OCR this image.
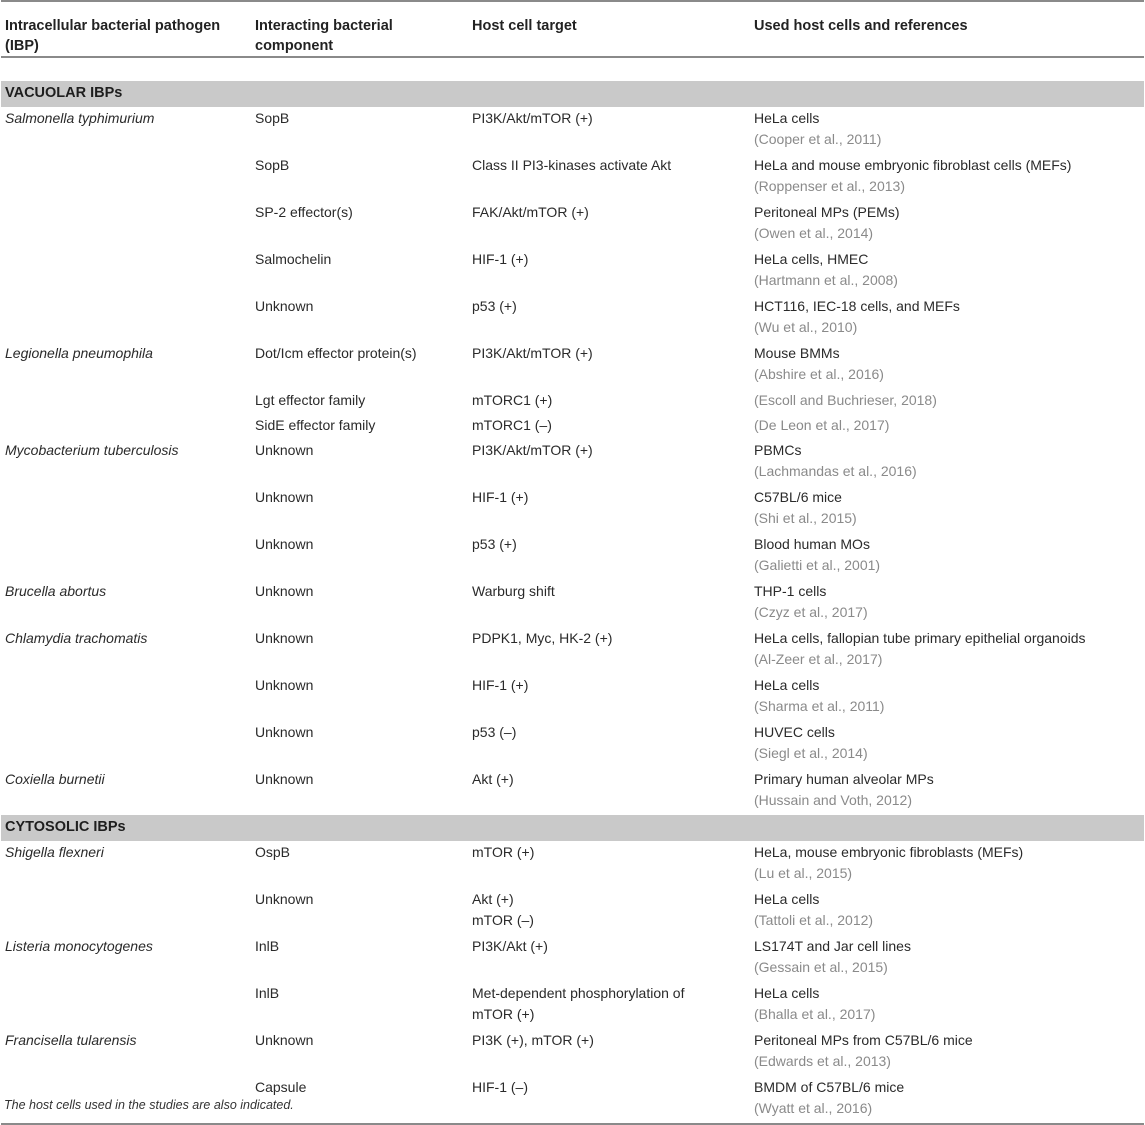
Intracellular bacterial pathogen (IBP)	Interacting bacterial component	Host cell target	Used host cells and references

VACUOLAR IBPs			

Salmonella typhimurium	SopB	PI3K/Akt/mTOR (+)	HeLa cells
(Cooper et al., 2011)

	SopB	Class II PI3-kinases activate Akt	HeLa and mouse embryonic fibroblast cells (MEFs)
(Roppenser et al., 2013)

	SP-2 effector(s)	FAK/Akt/mTOR (+)	Peritoneal MPs (PEMs)
(Owen et al., 2014)

	Salmochelin	HIF-1 (+)	HeLa cells, HMEC
(Hartmann et al., 2008)

	Unknown	p53 (+)	HCT116, IEC-18 cells, and MEFs
(Wu et al., 2010)

Legionella pneumophila	Dot/Icm effector protein(s)	PI3K/Akt/mTOR (+)	Mouse BMMs
(Abshire et al., 2016)

	Lgt effector family	mTORC1 (+)	(Escoll and Buchrieser, 2018)

	SidE effector family	mTORC1 (–)	(De Leon et al., 2017)

Mycobacterium tuberculosis	Unknown	PI3K/Akt/mTOR (+)	PBMCs
(Lachmandas et al., 2016)

	Unknown	HIF-1 (+)	C57BL/6 mice
(Shi et al., 2015)

	Unknown	p53 (+)	Blood human MOs
(Galietti et al., 2001)

Brucella abortus	Unknown	Warburg shift	THP-1 cells
(Czyz et al., 2017)

Chlamydia trachomatis	Unknown	PDPK1, Myc, HK-2 (+)	HeLa cells, fallopian tube primary epithelial organoids
(Al-Zeer et al., 2017)

	Unknown	HIF-1 (+)	HeLa cells
(Sharma et al., 2011)

	Unknown	p53 (–)	HUVEC cells
(Siegl et al., 2014)

Coxiella burnetii	Unknown	Akt (+)	Primary human alveolar MPs
(Hussain and Voth, 2012)

CYTOSOLIC IBPs			

Shigella flexneri	OspB	mTOR (+)	HeLa, mouse embryonic fibroblasts (MEFs)
(Lu et al., 2015)

	Unknown	Akt (+)
mTOR (–)	HeLa cells
(Tattoli et al., 2012)

Listeria monocytogenes	InlB	PI3K/Akt (+)	LS174T and Jar cell lines
(Gessain et al., 2015)

	InlB	Met-dependent phosphorylation of
mTOR (+)	HeLa cells
(Bhalla et al., 2017)

Francisella tularensis	Unknown	PI3K (+), mTOR (+)	Peritoneal MPs from C57BL/6 mice
(Edwards et al., 2013)

	Capsule	HIF-1 (–)	BMDM of C57BL/6 mice
(Wyatt et al., 2016)
The host cells used in the studies are also indicated.
